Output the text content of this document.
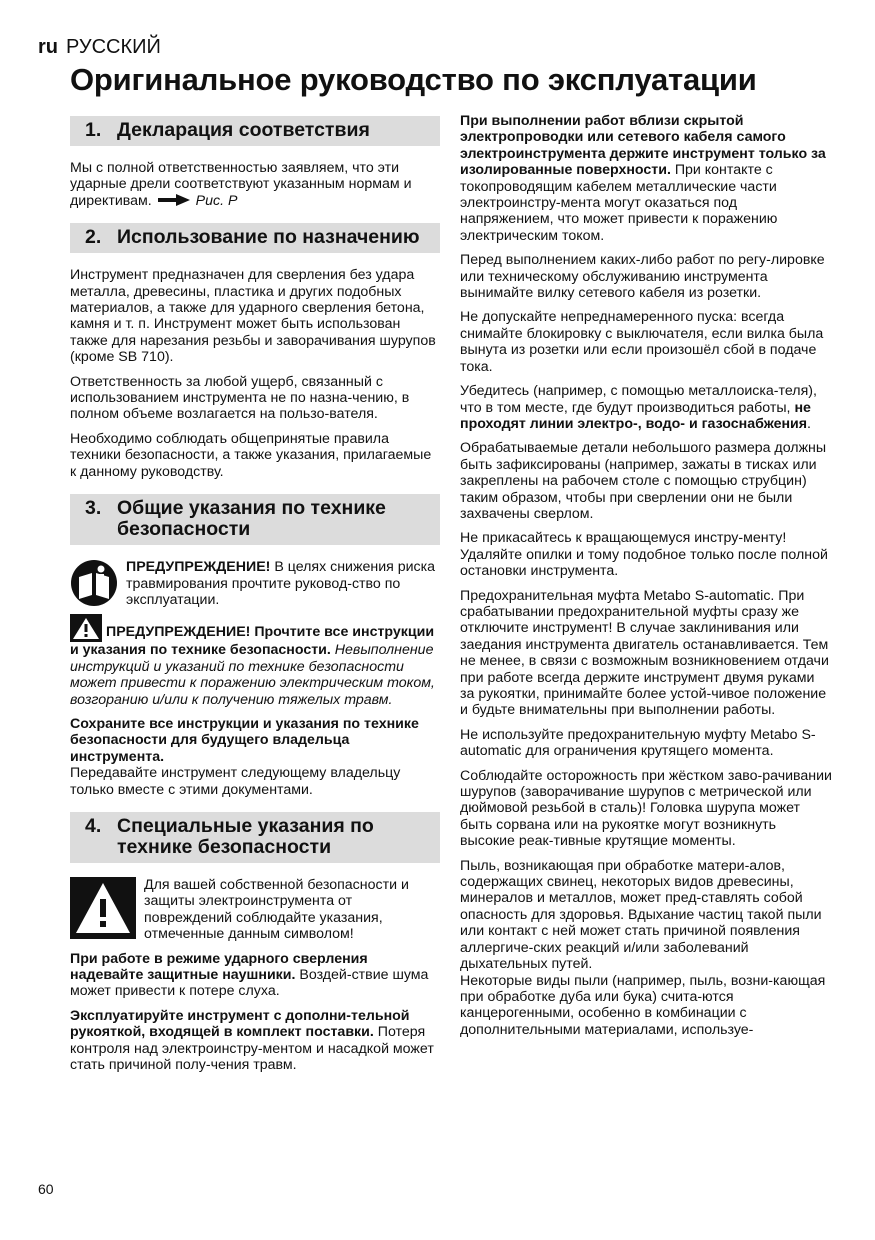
ru РУССКИЙ
Оригинальное руководство по эксплуатации
1. Декларация соответствия

Мы с полной ответственностью заявляем, что эти ударные дрели соответствуют указанным нормам и директивам.	Рис. P

2. Использование по назначению

Инструмент предназначен для сверления без удара металла, древесины, пластика и других подобных материалов, а также для ударного сверления бетона, камня и т. п. Инструмент может быть использован также для нарезания резьбы и заворачивания шурупов (кроме SB 710).

Ответственность за любой ущерб, связанный с использованием инструмента не по назна-чению, в полном объеме возлагается на пользо-вателя.

Необходимо соблюдать общепринятые правила техники безопасности, а также указания, прилагаемые к данному руководству.

3. Общие указания по технике безопасности
ПРЕДУПРЕЖДЕНИЕ! В целях снижения риска травмирования прочтите руковод-ство по эксплуатации.

ПРЕДУПРЕЖДЕНИЕ! Прочтите все инструкции и указания по технике безопасности. Невыполнение инструкций и указаний по технике безопасности может привести к поражению электрическим током, возгоранию и/или к получению тяжелых травм.

Сохраните все инструкции и указания по технике безопасности для будущего владельца инструмента.

Передавайте инструмент следующему владельцу только вместе с этими документами.

4. Специальные указания по технике безопасности
Для вашей собственной безопасности и защиты электроинструмента от повреждений соблюдайте указания, отмеченные данным символом!

При работе в режиме ударного сверления надевайте защитные наушники. Воздей-ствие шума может привести к потере слуха.

Эксплуатируйте инструмент с дополни-тельной рукояткой, входящей в комплект поставки. Потеря контроля над электроинстру-ментом и насадкой может стать причиной полу-чения травм.

При выполнении работ вблизи скрытой электропроводки или сетевого кабеля самого электроинструмента держите инструмент только за изолированные поверхности. При контакте с токопроводящим кабелем металлические части электроинстру-мента могут оказаться под напряжением, что может привести к поражению электрическим током.

Перед выполнением каких-либо работ по регу-лировке или техническому обслуживанию инструмента вынимайте вилку сетевого кабеля из розетки.

Не допускайте непреднамеренного пуска: всегда снимайте блокировку с выключателя, если вилка была вынута из розетки или если произошёл сбой в подаче тока.

Убедитесь (например, с помощью металлоиска-теля), что в том месте, где будут производиться работы, не проходят линии электро-, водо- и газоснабжения.

Обрабатываемые детали небольшого размера должны быть зафиксированы (например, зажаты в тисках или закреплены на рабочем столе с помощью струбцин) таким образом, чтобы при сверлении они не были захвачены сверлом.

Не прикасайтесь к вращающемуся инстру-менту! Удаляйте опилки и тому подобное только после полной остановки инструмента.

Предохранительная муфта Metabo S-automatic. При срабатывании предохранительной муфты сразу же отключите инструмент! В случае заклинивания или заедания инструмента двигатель останавливается. Тем не менее, в связи с возможным возникновением отдачи при работе всегда держите инструмент двумя руками за рукоятки, принимайте более устой-чивое положение и будьте внимательны при выполнении работы.

Не используйте предохранительную муфту Metabo S-automatic для ограничения крутящего момента.

Соблюдайте осторожность при жёстком заво-рачивании шурупов (заворачивание шурупов с метрической или дюймовой резьбой в сталь)! Головка шурупа может быть сорвана или на рукоятке могут возникнуть высокие реак-тивные крутящие моменты.

Пыль, возникающая при обработке матери-алов, содержащих свинец, некоторых видов древесины, минералов и металлов, может пред-ставлять собой опасность для здоровья. Вдыхание частиц такой пыли или контакт с ней может стать причиной появления аллергиче-ских реакций и/или заболеваний дыхательных путей.

Некоторые виды пыли (например, пыль, возни-кающая при обработке дуба или бука) счита-ются канцерогенными, особенно в комбинации с дополнительными материалами, используе-

60
